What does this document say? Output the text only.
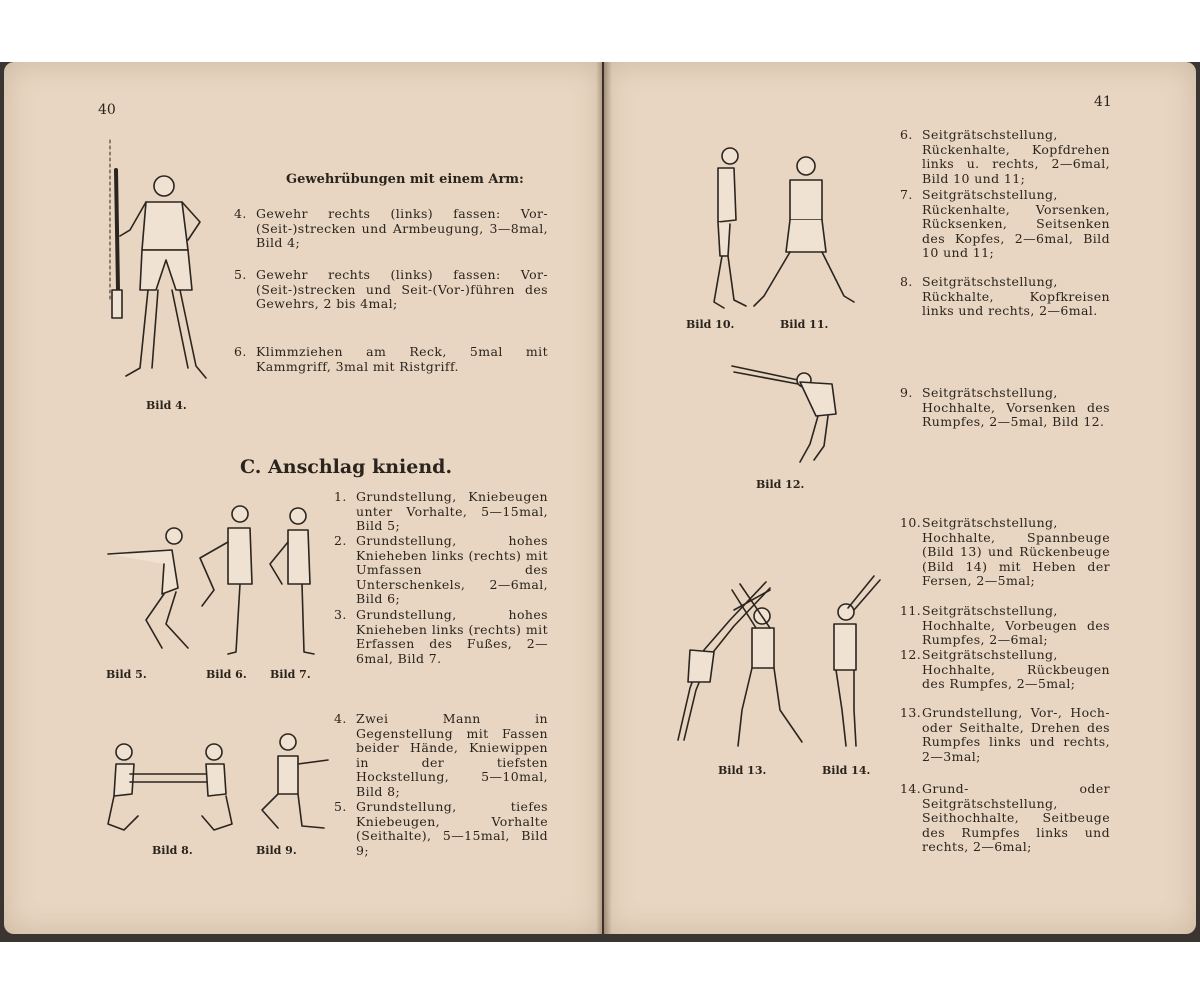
40
Bild 4.
Gewehrübungen mit einem Arm:
4. Gewehr rechts (links) fassen: Vor-(Seit-)strecken und Armbeugung, 3—8mal, Bild 4;
5. Gewehr rechts (links) fassen: Vor-(Seit-)strecken und Seit-(Vor-)führen des Gewehrs, 2 bis 4mal;
6. Klimmziehen am Reck, 5mal mit Kammgriff, 3mal mit Ristgriff.
C. Anschlag kniend.
Bild 5.	Bild 6. Bild 7.
1. Grundstellung, Kniebeugen unter Vorhalte, 5—15mal, Bild 5;
2. Grundstellung, hohes Knieheben links (rechts) mit Umfassen des Unterschenkels, 2—6mal, Bild 6;
3. Grundstellung, hohes Knieheben links (rechts) mit Erfassen des Fußes, 2—6mal, Bild 7.
Bild 8.	Bild 9.
4. Zwei Mann in Gegenstellung mit Fassen beider Hände, Kniewippen in der tiefsten Hockstellung, 5—10mal, Bild 8;
5. Grundstellung, tiefes Kniebeugen, Vorhalte (Seithalte), 5—15mal, Bild 9;
41
6. Seitgrätschstellung, Rückenhalte, Kopfdrehen links u. rechts, 2—6mal, Bild 10 und 11;
7. Seitgrätschstellung, Rückenhalte, Vorsenken, Rücksenken, Seitsenken des Kopfes, 2—6mal, Bild 10 und 11;
8. Seitgrätschstellung, Rückhalte, Kopfkreisen links und rechts, 2—6mal.
Bild 10.	Bild 11.
Bild 12.
9. Seitgrätschstellung, Hochhalte, Vorsenken des Rumpfes, 2—5mal, Bild 12.
Bild 13.	Bild 14.
10. Seitgrätschstellung, Hochhalte, Spannbeuge (Bild 13) und Rückenbeuge (Bild 14) mit Heben der Fersen, 2—5mal;
11. Seitgrätschstellung, Hochhalte, Vorbeugen des Rumpfes, 2—6mal;
12. Seitgrätschstellung, Hochhalte, Rückbeugen des Rumpfes, 2—5mal;
13. Grundstellung, Vor-, Hoch- oder Seithalte, Drehen des Rumpfes links und rechts, 2—3mal;
14. Grund- oder Seitgrätschstellung, Seithochhalte, Seitbeuge des Rumpfes links und rechts, 2—6mal;
